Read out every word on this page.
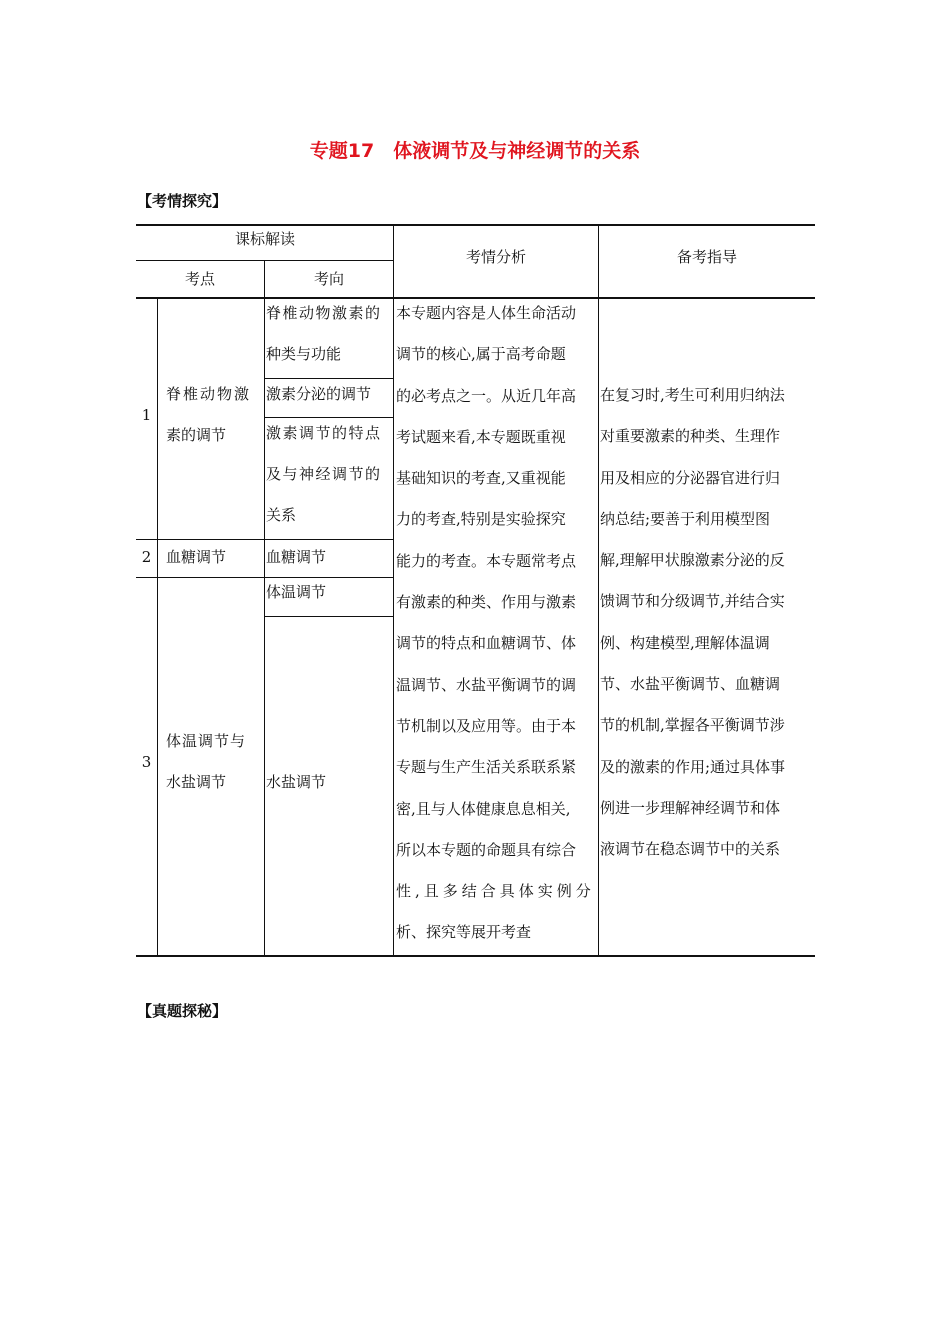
专题17　体液调节及与神经调节的关系
【考情探究】
课标解读
考点	考向
考情分析	备考指导
1
2
3
脊椎动物激
素的调节
血糖调节
体温调节与
水盐调节
脊椎动物激素的
种类与功能
激素分泌的调节
激素调节的特点
及与神经调节的
关系
血糖调节
体温调节
水盐调节
本专题内容是人体生命活动
调节的核心,属于高考命题
的必考点之一。从近几年高
考试题来看,本专题既重视
基础知识的考查,又重视能
力的考查,特别是实验探究
能力的考查。本专题常考点
有激素的种类、作用与激素
调节的特点和血糖调节、体
温调节、水盐平衡调节的调
节机制以及应用等。由于本
专题与生产生活关系联系紧
密,且与人体健康息息相关,
所以本专题的命题具有综合
性,且多结合具体实例分
析、探究等展开考查
在复习时,考生可利用归纳法
对重要激素的种类、生理作
用及相应的分泌器官进行归
纳总结;要善于利用模型图
解,理解甲状腺激素分泌的反
馈调节和分级调节,并结合实
例、构建模型,理解体温调
节、水盐平衡调节、血糖调
节的机制,掌握各平衡调节涉
及的激素的作用;通过具体事
例进一步理解神经调节和体
液调节在稳态调节中的关系
【真题探秘】
